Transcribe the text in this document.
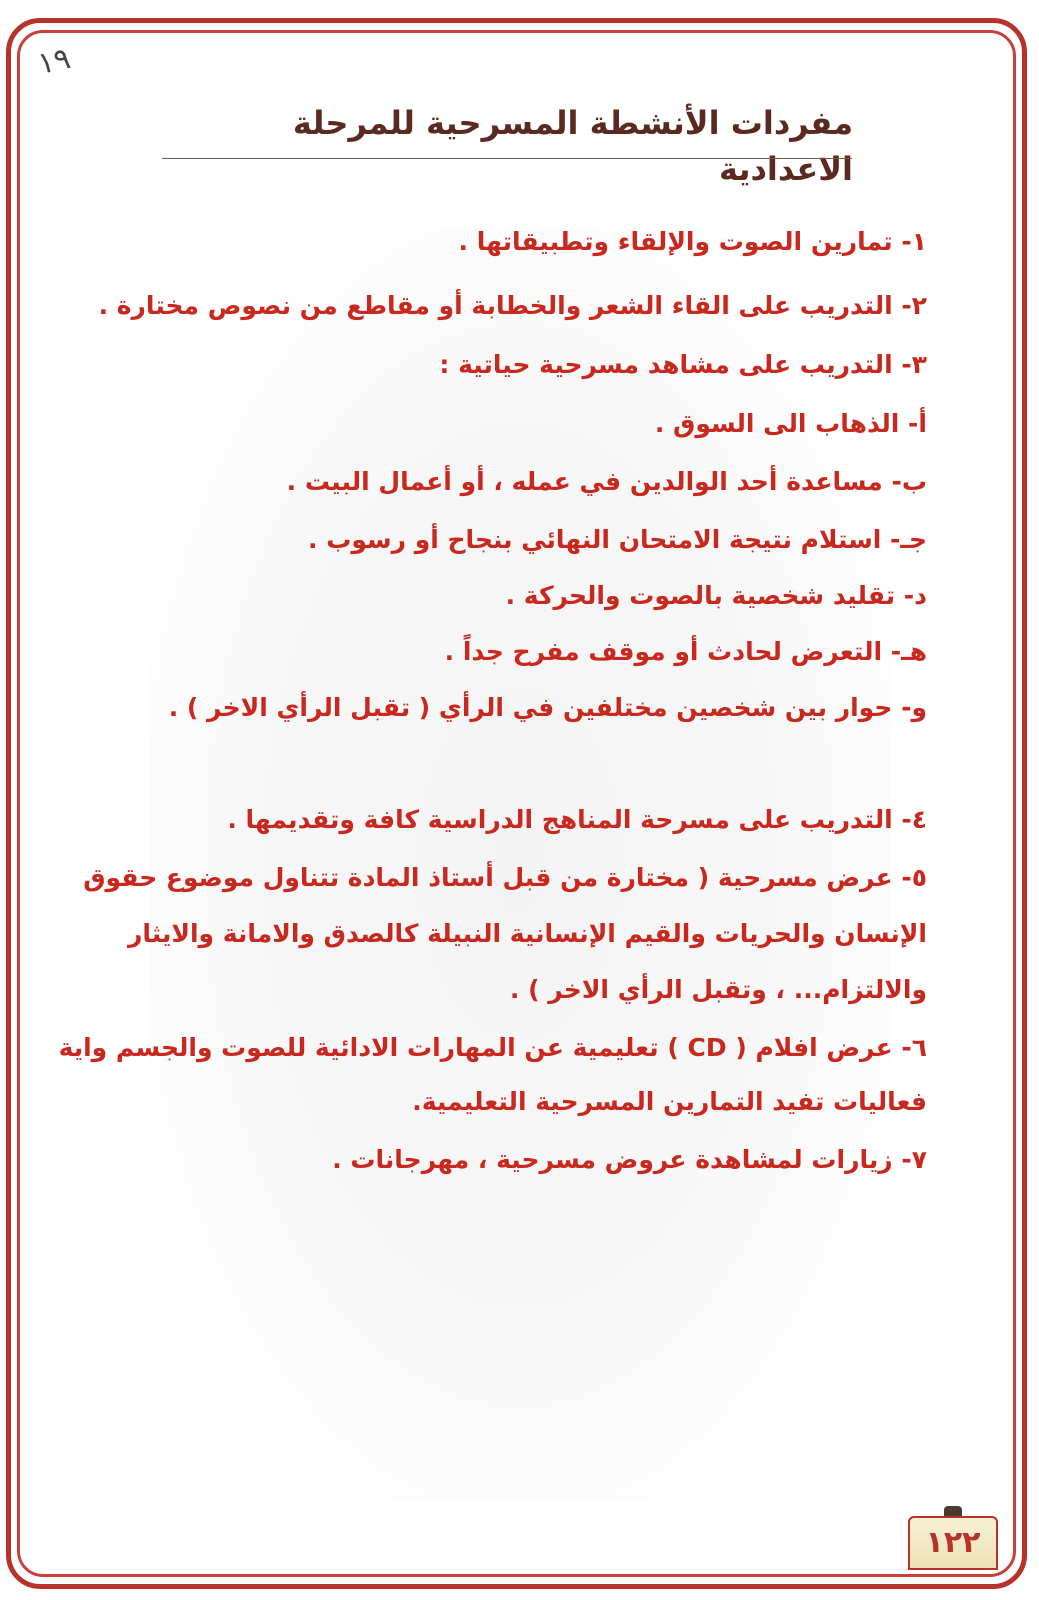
١٩
مفردات الأنشطة المسرحية للمرحلة الاعدادية
١- تمارين الصوت والإلقاء وتطبيقاتها .
٢- التدريب على القاء الشعر والخطابة أو مقاطع من نصوص مختارة .
٣- التدريب على مشاهد مسرحية حياتية :
أ- الذهاب الى السوق .
ب- مساعدة أحد الوالدين في عمله ، أو أعمال البيت .
جـ- استلام نتيجة الامتحان النهائي بنجاح أو رسوب .
د- تقليد شخصية بالصوت والحركة .
هـ- التعرض لحادث أو موقف مفرح جداً .
و- حوار بين شخصين مختلفين في الرأي ( تقبل الرأي الاخر ) .
٤- التدريب على مسرحة المناهج الدراسية كافة وتقديمها .
٥- عرض مسرحية ( مختارة من قبل أستاذ المادة تتناول موضوع حقوق
الإنسان والحريات والقيم الإنسانية النبيلة كالصدق والامانة والايثار
والالتزام... ، وتقبل الرأي الاخر ) .
٦- عرض افلام ( CD ) تعليمية عن المهارات الادائية للصوت والجسم واية
فعاليات تفيد التمارين المسرحية التعليمية.
٧- زيارات لمشاهدة عروض مسرحية ، مهرجانات .
١٢٢
